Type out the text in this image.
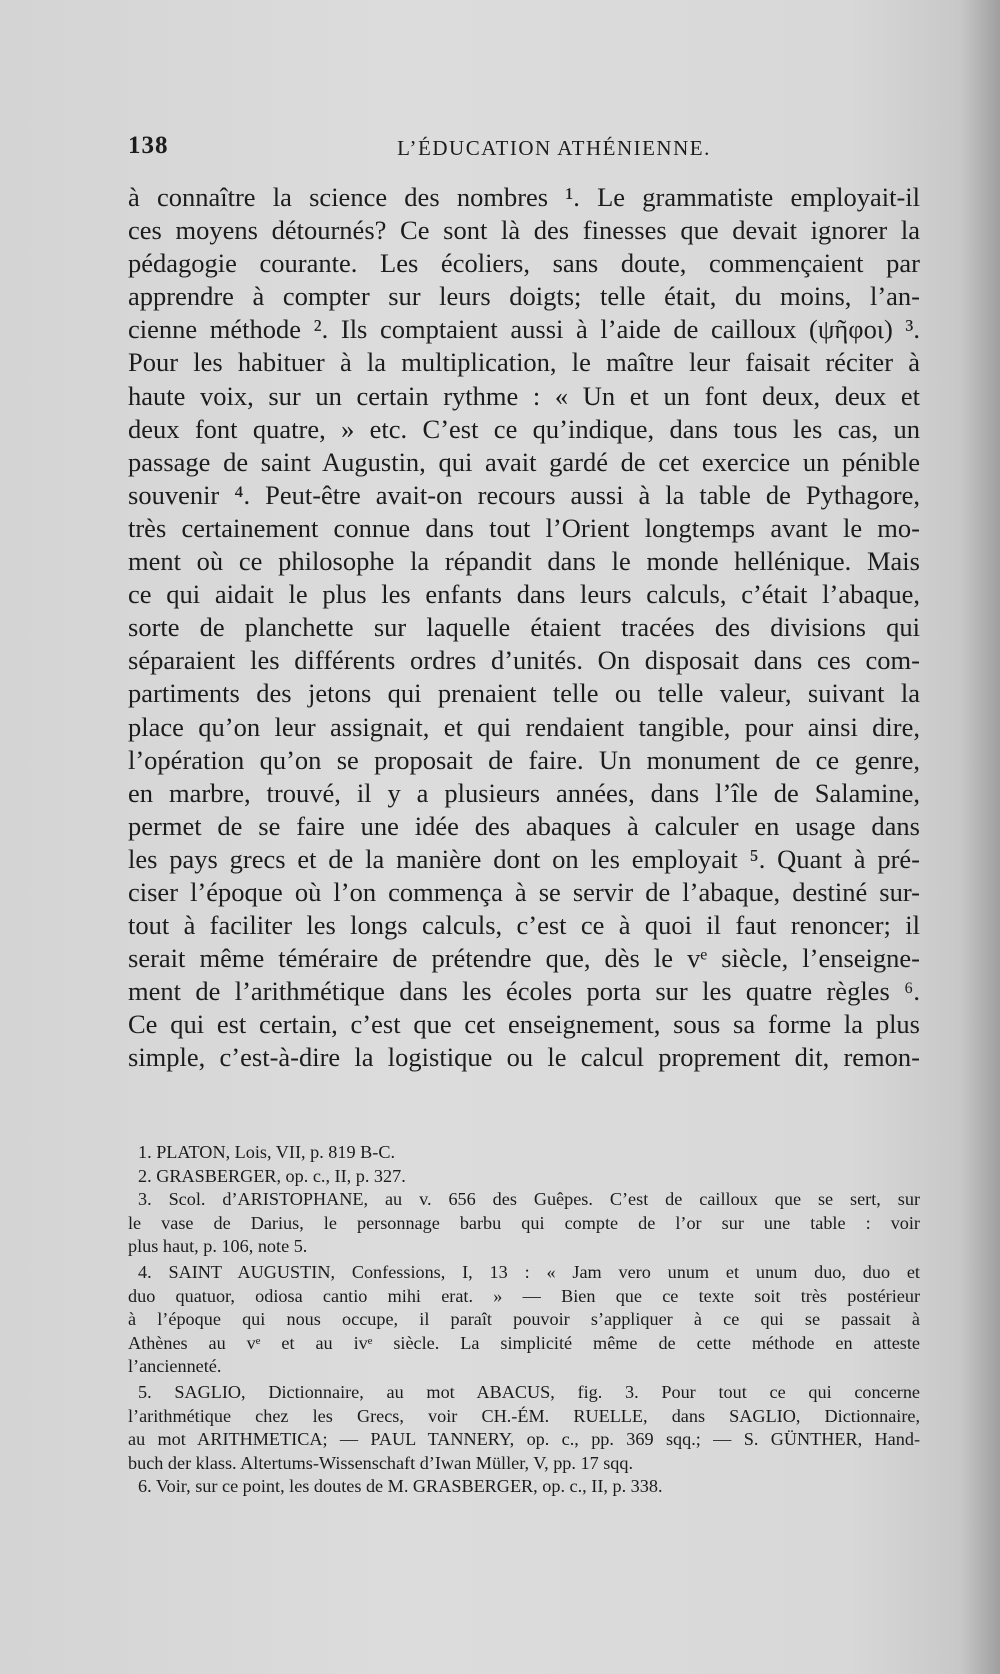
138	L’ÉDUCATION ATHÉNIENNE.
à connaître la science des nombres ¹. Le grammatiste employait-il
ces moyens détournés? Ce sont là des finesses que devait ignorer la
pédagogie courante. Les écoliers, sans doute, commençaient par
apprendre à compter sur leurs doigts; telle était, du moins, l’an-
cienne méthode ². Ils comptaient aussi à l’aide de cailloux (ψῆφοι) ³.
Pour les habituer à la multiplication, le maître leur faisait réciter à
haute voix, sur un certain rythme : « Un et un font deux, deux et
deux font quatre, » etc. C’est ce qu’indique, dans tous les cas, un
passage de saint Augustin, qui avait gardé de cet exercice un pénible
souvenir ⁴. Peut-être avait-on recours aussi à la table de Pythagore,
très certainement connue dans tout l’Orient longtemps avant le mo-
ment où ce philosophe la répandit dans le monde hellénique. Mais
ce qui aidait le plus les enfants dans leurs calculs, c’était l’abaque,
sorte de planchette sur laquelle étaient tracées des divisions qui
séparaient les différents ordres d’unités. On disposait dans ces com-
partiments des jetons qui prenaient telle ou telle valeur, suivant la
place qu’on leur assignait, et qui rendaient tangible, pour ainsi dire,
l’opération qu’on se proposait de faire. Un monument de ce genre,
en marbre, trouvé, il y a plusieurs années, dans l’île de Salamine,
permet de se faire une idée des abaques à calculer en usage dans
les pays grecs et de la manière dont on les employait ⁵. Quant à pré-
ciser l’époque où l’on commença à se servir de l’abaque, destiné sur-
tout à faciliter les longs calculs, c’est ce à quoi il faut renoncer; il
serait même téméraire de prétendre que, dès le vᵉ siècle, l’enseigne-
ment de l’arithmétique dans les écoles porta sur les quatre règles ⁶.
Ce qui est certain, c’est que cet enseignement, sous sa forme la plus
simple, c’est-à-dire la logistique ou le calcul proprement dit, remon-
1. PLATON, Lois, VII, p. 819 B-C.
2. GRASBERGER, op. c., II, p. 327.
3. Scol. d’ARISTOPHANE, au v. 656 des Guêpes. C’est de cailloux que se sert, sur
le vase de Darius, le personnage barbu qui compte de l’or sur une table : voir
plus haut, p. 106, note 5.
4. SAINT AUGUSTIN, Confessions, I, 13 : « Jam vero unum et unum duo, duo et
duo quatuor, odiosa cantio mihi erat. » — Bien que ce texte soit très postérieur
à l’époque qui nous occupe, il paraît pouvoir s’appliquer à ce qui se passait à
Athènes au vᵉ et au ivᵉ siècle. La simplicité même de cette méthode en atteste
l’ancienneté.
5. SAGLIO, Dictionnaire, au mot ABACUS, fig. 3. Pour tout ce qui concerne
l’arithmétique chez les Grecs, voir CH.-ÉM. RUELLE, dans SAGLIO, Dictionnaire,
au mot ARITHMETICA; — PAUL TANNERY, op. c., pp. 369 sqq.; — S. GÜNTHER, Hand-
buch der klass. Altertums-Wissenschaft d’Iwan Müller, V, pp. 17 sqq.
6. Voir, sur ce point, les doutes de M. GRASBERGER, op. c., II, p. 338.
